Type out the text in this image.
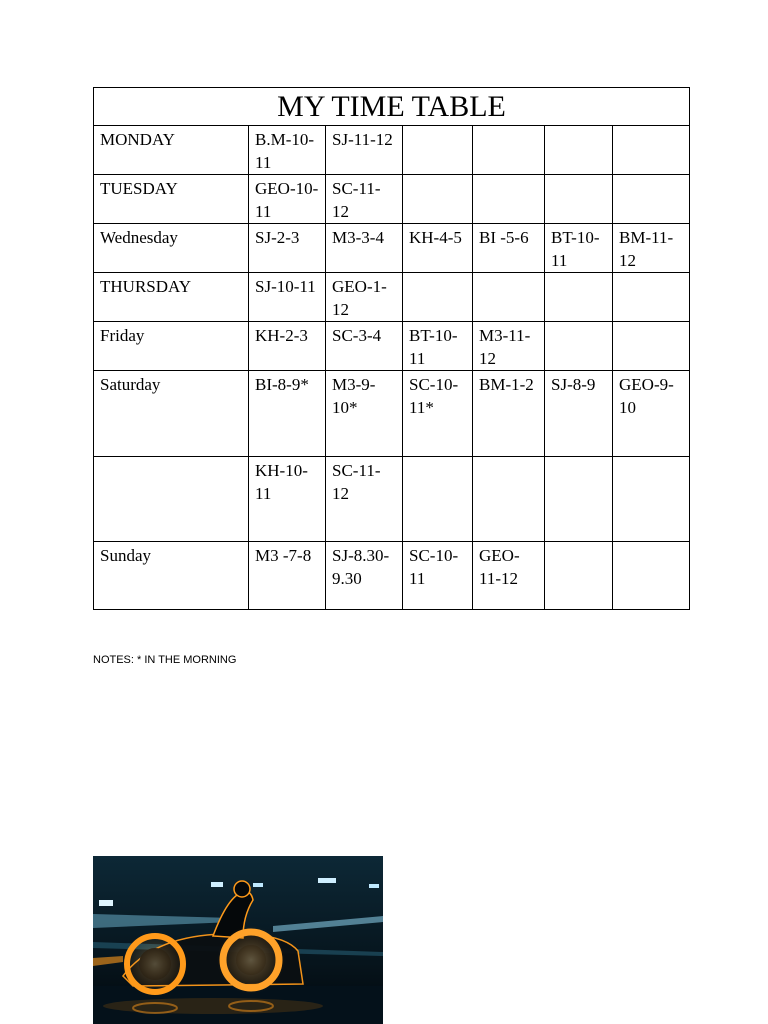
MY TIME TABLE						
MONDAY	B.M-10-11	SJ-11-12				
TUESDAY	GEO-10-11	SC-11-12				
Wednesday	SJ-2-3	M3-3-4	KH-4-5	BI -5-6	BT-10-11	BM-11-12
THURSDAY	SJ-10-11	GEO-1-12				
Friday	KH-2-3	SC-3-4	BT-10-11	M3-11-12		
Saturday	BI-8-9*	M3-9-10*	SC-10-11*	BM-1-2	SJ-8-9	GEO-9-10
	KH-10-11	SC-11-12				
Sunday	M3 -7-8	SJ-8.30-9.30	SC-10-11	GEO-11-12		
NOTES: * IN THE MORNING
